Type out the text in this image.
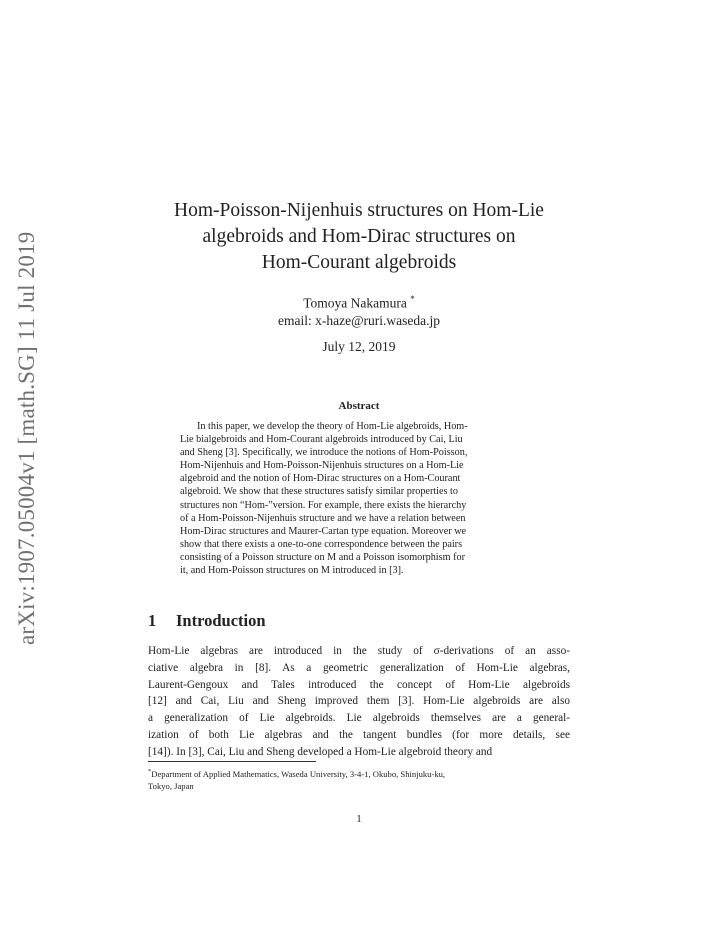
arXiv:1907.05004v1 [math.SG] 11 Jul 2019
Hom-Poisson-Nijenhuis structures on Hom-Lie
algebroids and Hom-Dirac structures on
Hom-Courant algebroids
Tomoya Nakamura *
email: x-haze@ruri.waseda.jp
July 12, 2019
Abstract
In this paper, we develop the theory of Hom-Lie algebroids, Hom-
Lie bialgebroids and Hom-Courant algebroids introduced by Cai, Liu
and Sheng [3]. Specifically, we introduce the notions of Hom-Poisson,
Hom-Nijenhuis and Hom-Poisson-Nijenhuis structures on a Hom-Lie
algebroid and the notion of Hom-Dirac structures on a Hom-Courant
algebroid. We show that these structures satisfy similar properties to
structures non “Hom-”version. For example, there exists the hierarchy
of a Hom-Poisson-Nijenhuis structure and we have a relation between
Hom-Dirac structures and Maurer-Cartan type equation. Moreover we
show that there exists a one-to-one correspondence between the pairs
consisting of a Poisson structure on M and a Poisson isomorphism for
it, and Hom-Poisson structures on M introduced in [3].
1 Introduction
Hom-Lie algebras are introduced in the study of σ-derivations of an asso-
ciative algebra in [8]. As a geometric generalization of Hom-Lie algebras,
Laurent-Gengoux and Tales introduced the concept of Hom-Lie algebroids
[12] and Cai, Liu and Sheng improved them [3]. Hom-Lie algebroids are also
a generalization of Lie algebroids. Lie algebroids themselves are a general-
ization of both Lie algebras and the tangent bundles (for more details, see
[14]). In [3], Cai, Liu and Sheng developed a Hom-Lie algebroid theory and
*Department of Applied Mathematics, Waseda University, 3-4-1, Okubo, Shinjuku-ku,
Tokyo, Japan
1
